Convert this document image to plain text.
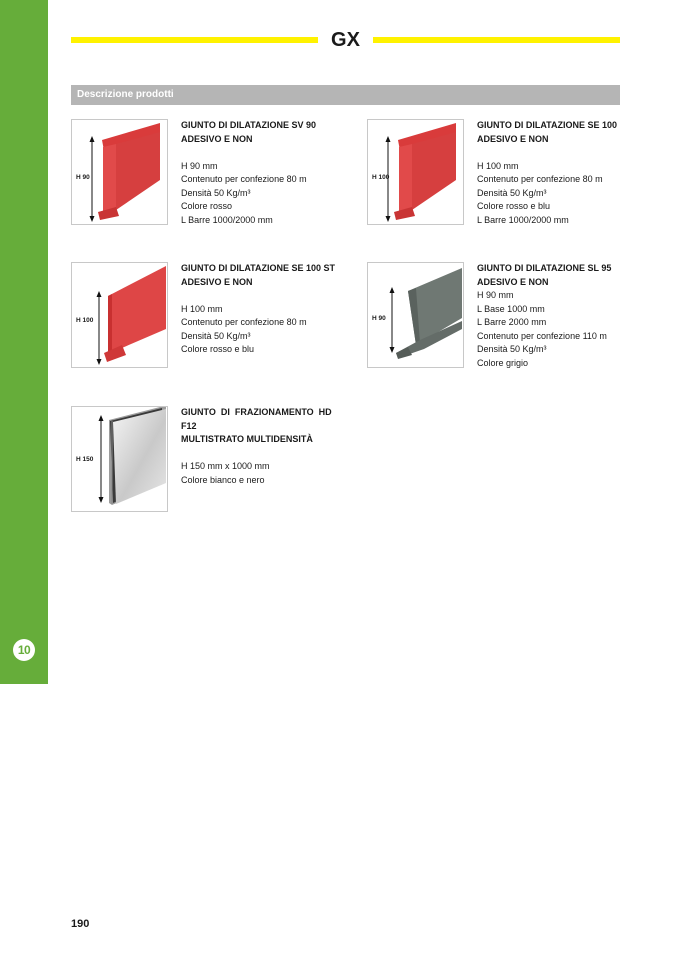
10
GX
Descrizione prodotti
H 90
GIUNTO DI DILATAZIONE SV 90
ADESIVO E NON
H 90 mm
Contenuto per confezione 80 m
Densità 50 Kg/m³
Colore rosso
L Barre 1000/2000 mm
H 100
GIUNTO DI DILATAZIONE SE 100
ADESIVO E NON
H 100 mm
Contenuto per confezione 80 m
Densità 50 Kg/m³
Colore rosso e blu
L Barre 1000/2000 mm
H 100
GIUNTO DI DILATAZIONE SE 100 ST
ADESIVO E NON
H 100 mm
Contenuto per confezione 80 m
Densità 50 Kg/m³
Colore rosso e blu
H 90
GIUNTO DI DILATAZIONE SL 95
ADESIVO E NON
H 90 mm
L Base 1000 mm
L Barre 2000 mm
Contenuto per confezione 110 m
Densità 50 Kg/m³
Colore grigio
H 150
GIUNTO  DI  FRAZIONAMENTO  HD
F12
MULTISTRATO MULTIDENSITÀ
H 150 mm x 1000 mm
Colore bianco e nero
190
